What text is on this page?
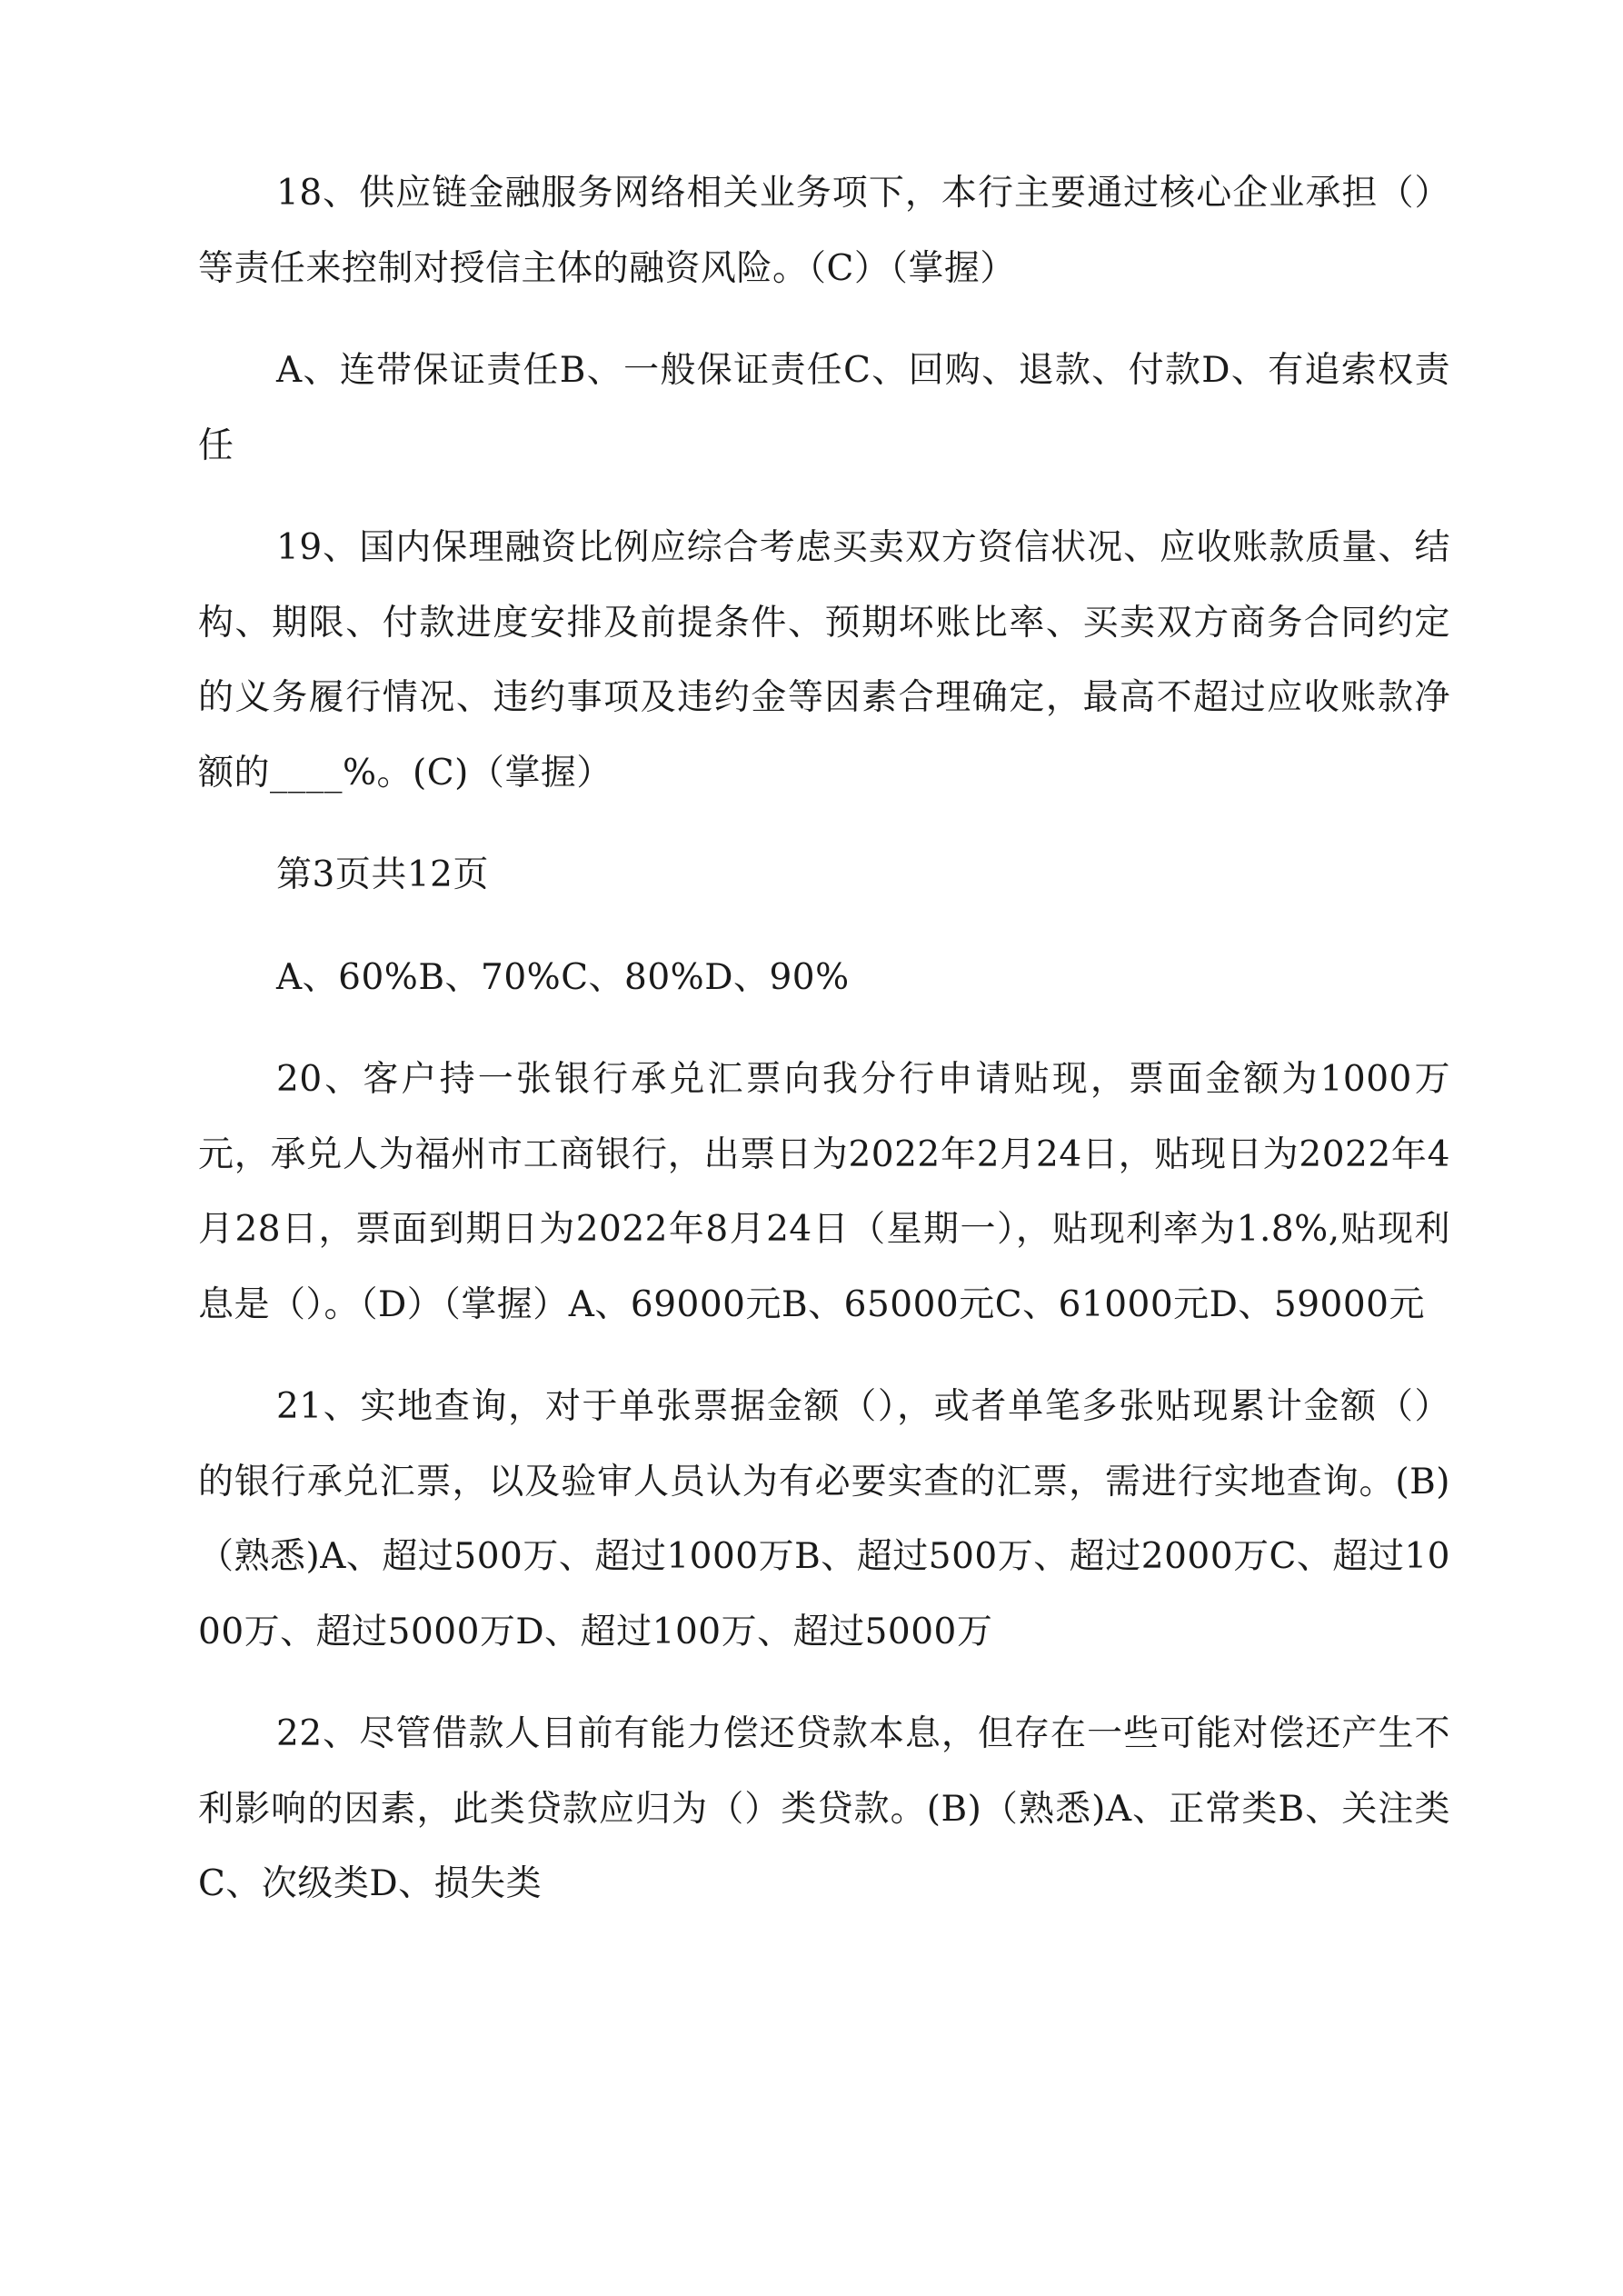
18、供应链金融服务网络相关业务项下，本行主要通过核心企业承担（）等责任来控制对授信主体的融资风险。（C）（掌握）

A、连带保证责任B、一般保证责任C、回购、退款、付款D、有追索权责任

19、国内保理融资比例应综合考虑买卖双方资信状况、应收账款质量、结构、期限、付款进度安排及前提条件、预期坏账比率、买卖双方商务合同约定的义务履行情况、违约事项及违约金等因素合理确定，最高不超过应收账款净额的____%。(C)（掌握）

第3页共12页

A、60%B、70%C、80%D、90%

20、客户持一张银行承兑汇票向我分行申请贴现，票面金额为1000万元，承兑人为福州市工商银行，出票日为2022年2月24日，贴现日为2022年4月28日，票面到期日为2022年8月24日（星期一），贴现利率为1.8%,贴现利息是（）。（D）（掌握）A、69000元B、65000元C、61000元D、59000元

21、实地查询，对于单张票据金额（），或者单笔多张贴现累计金额（）的银行承兑汇票，以及验审人员认为有必要实查的汇票，需进行实地查询。(B)（熟悉)A、超过500万、超过1000万B、超过500万、超过2000万C、超过1000万、超过5000万D、超过100万、超过5000万

22、尽管借款人目前有能力偿还贷款本息，但存在一些可能对偿还产生不利影响的因素，此类贷款应归为（）类贷款。(B)（熟悉)A、正常类B、关注类C、次级类D、损失类
